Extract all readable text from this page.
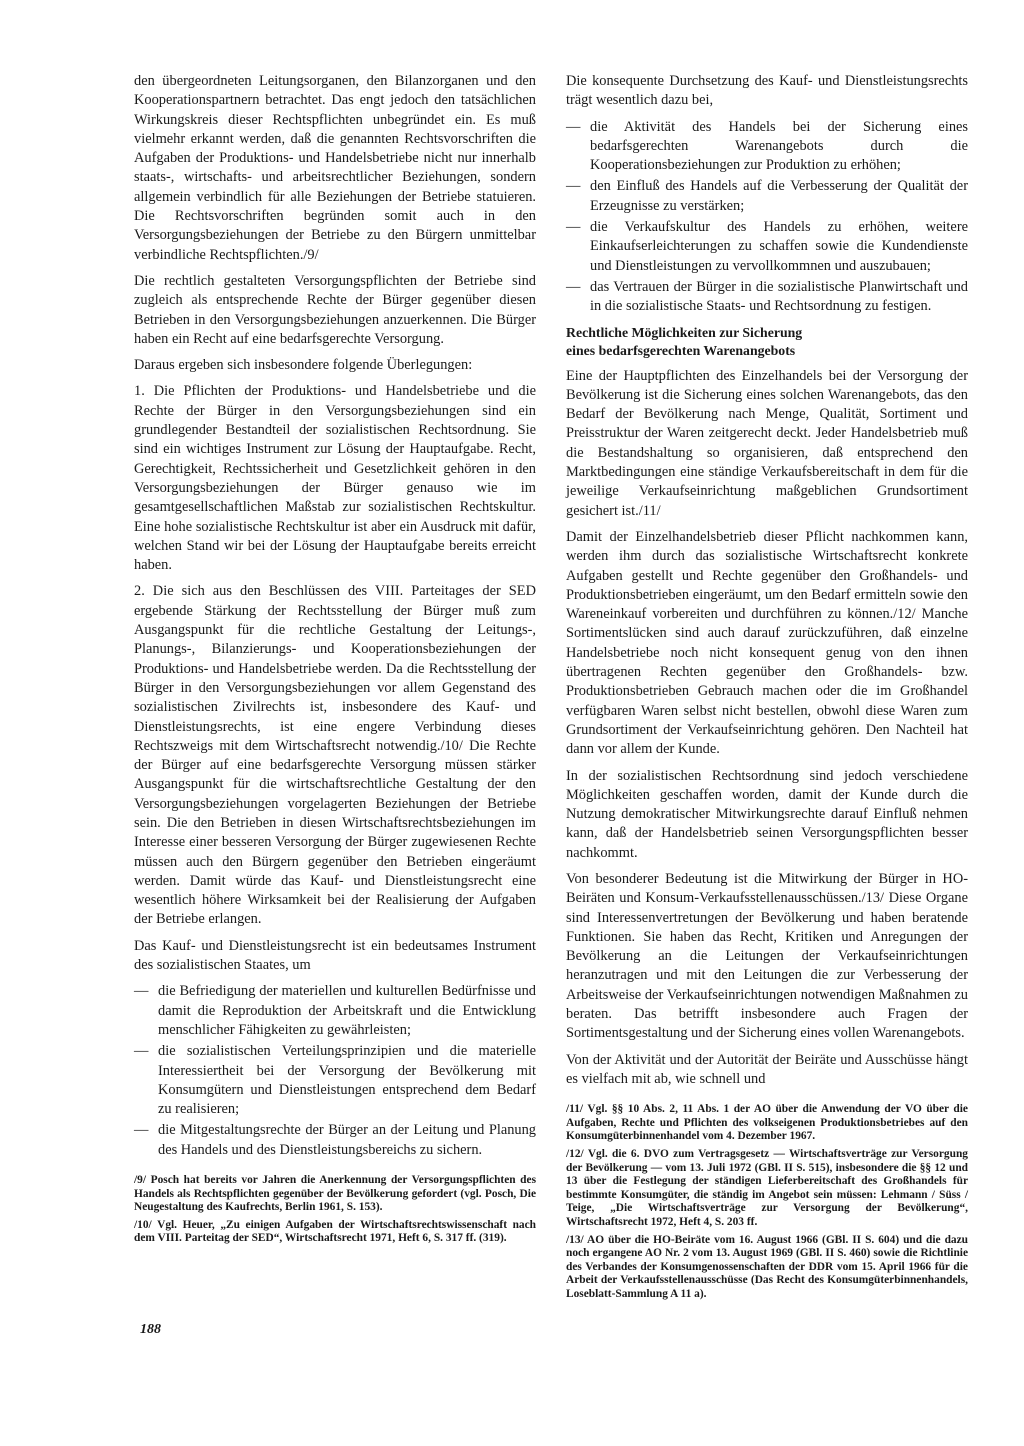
den übergeordneten Leitungsorganen, den Bilanzorganen und den Kooperationspartnern betrachtet. Das engt jedoch den tatsächlichen Wirkungskreis dieser Rechtspflichten unbegründet ein. Es muß vielmehr erkannt werden, daß die genannten Rechtsvorschriften die Aufgaben der Produktions- und Handelsbetriebe nicht nur innerhalb staats-, wirtschafts- und arbeitsrechtlicher Beziehungen, sondern allgemein verbindlich für alle Beziehungen der Betriebe statuieren. Die Rechtsvorschriften begründen somit auch in den Versorgungsbeziehungen der Betriebe zu den Bürgern unmittelbar verbindliche Rechtspflichten./9/

Die rechtlich gestalteten Versorgungspflichten der Betriebe sind zugleich als entsprechende Rechte der Bürger gegenüber diesen Betrieben in den Versorgungsbeziehungen anzuerkennen. Die Bürger haben ein Recht auf eine bedarfsgerechte Versorgung.

Daraus ergeben sich insbesondere folgende Überlegungen:

1. Die Pflichten der Produktions- und Handelsbetriebe und die Rechte der Bürger in den Versorgungsbeziehungen sind ein grundlegender Bestandteil der sozialistischen Rechtsordnung. Sie sind ein wichtiges Instrument zur Lösung der Hauptaufgabe. Recht, Gerechtigkeit, Rechtssicherheit und Gesetzlichkeit gehören in den Versorgungsbeziehungen der Bürger genauso wie im gesamtgesellschaftlichen Maßstab zur sozialistischen Rechtskultur. Eine hohe sozialistische Rechtskultur ist aber ein Ausdruck mit dafür, welchen Stand wir bei der Lösung der Hauptaufgabe bereits erreicht haben.

2. Die sich aus den Beschlüssen des VIII. Parteitages der SED ergebende Stärkung der Rechtsstellung der Bürger muß zum Ausgangspunkt für die rechtliche Gestaltung der Leitungs-, Planungs-, Bilanzierungs- und Kooperationsbeziehungen der Produktions- und Handelsbetriebe werden. Da die Rechtsstellung der Bürger in den Versorgungsbeziehungen vor allem Gegenstand des sozialistischen Zivilrechts ist, insbesondere des Kauf- und Dienstleistungsrechts, ist eine engere Verbindung dieses Rechtszweigs mit dem Wirtschaftsrecht notwendig./10/ Die Rechte der Bürger auf eine bedarfsgerechte Versorgung müssen stärker Ausgangspunkt für die wirtschaftsrechtliche Gestaltung der den Versorgungsbeziehungen vorgelagerten Beziehungen der Betriebe sein. Die den Betrieben in diesen Wirtschaftsrechtsbeziehungen im Interesse einer besseren Versorgung der Bürger zugewiesenen Rechte müssen auch den Bürgern gegenüber den Betrieben eingeräumt werden. Damit würde das Kauf- und Dienstleistungsrecht eine wesentlich höhere Wirksamkeit bei der Realisierung der Aufgaben der Betriebe erlangen.

Das Kauf- und Dienstleistungsrecht ist ein bedeutsames Instrument des sozialistischen Staates, um

— die Befriedigung der materiellen und kulturellen Bedürfnisse und damit die Reproduktion der Arbeitskraft und die Entwicklung menschlicher Fähigkeiten zu gewährleisten;
— die sozialistischen Verteilungsprinzipien und die materielle Interessiertheit bei der Versorgung der Bevölkerung mit Konsumgütern und Dienstleistungen entsprechend dem Bedarf zu realisieren;
— die Mitgestaltungsrechte der Bürger an der Leitung und Planung des Handels und des Dienstleistungsbereichs zu sichern.

/9/ Posch hat bereits vor Jahren die Anerkennung der Versorgungspflichten des Handels als Rechtspflichten gegenüber der Bevölkerung gefordert (vgl. Posch, Die Neugestaltung des Kaufrechts, Berlin 1961, S. 153).

/10/ Vgl. Heuer, „Zu einigen Aufgaben der Wirtschaftsrechtswissenschaft nach dem VIII. Parteitag der SED“, Wirtschaftsrecht 1971, Heft 6, S. 317 ff. (319).

Die konsequente Durchsetzung des Kauf- und Dienstleistungsrechts trägt wesentlich dazu bei,

— die Aktivität des Handels bei der Sicherung eines bedarfsgerechten Warenangebots durch die Kooperationsbeziehungen zur Produktion zu erhöhen;
— den Einfluß des Handels auf die Verbesserung der Qualität der Erzeugnisse zu verstärken;
— die Verkaufskultur des Handels zu erhöhen, weitere Einkaufserleichterungen zu schaffen sowie die Kundendienste und Dienstleistungen zu vervollkommnen und auszubauen;
— das Vertrauen der Bürger in die sozialistische Planwirtschaft und in die sozialistische Staats- und Rechtsordnung zu festigen.
Rechtliche Möglichkeiten zur Sicherung
eines bedarfsgerechten Warenangebots

Eine der Hauptpflichten des Einzelhandels bei der Versorgung der Bevölkerung ist die Sicherung eines solchen Warenangebots, das den Bedarf der Bevölkerung nach Menge, Qualität, Sortiment und Preisstruktur der Waren zeitgerecht deckt. Jeder Handelsbetrieb muß die Bestandshaltung so organisieren, daß entsprechend den Marktbedingungen eine ständige Verkaufsbereitschaft in dem für die jeweilige Verkaufseinrichtung maßgeblichen Grundsortiment gesichert ist./11/

Damit der Einzelhandelsbetrieb dieser Pflicht nachkommen kann, werden ihm durch das sozialistische Wirtschaftsrecht konkrete Aufgaben gestellt und Rechte gegenüber den Großhandels- und Produktionsbetrieben eingeräumt, um den Bedarf ermitteln sowie den Wareneinkauf vorbereiten und durchführen zu können./12/ Manche Sortimentslücken sind auch darauf zurückzuführen, daß einzelne Handelsbetriebe noch nicht konsequent genug von den ihnen übertragenen Rechten gegenüber den Großhandels- bzw. Produktionsbetrieben Gebrauch machen oder die im Großhandel verfügbaren Waren selbst nicht bestellen, obwohl diese Waren zum Grundsortiment der Verkaufseinrichtung gehören. Den Nachteil hat dann vor allem der Kunde.

In der sozialistischen Rechtsordnung sind jedoch verschiedene Möglichkeiten geschaffen worden, damit der Kunde durch die Nutzung demokratischer Mitwirkungsrechte darauf Einfluß nehmen kann, daß der Handelsbetrieb seinen Versorgungspflichten besser nachkommt.

Von besonderer Bedeutung ist die Mitwirkung der Bürger in HO-Beiräten und Konsum-Verkaufsstellenausschüssen./13/ Diese Organe sind Interessenvertretungen der Bevölkerung und haben beratende Funktionen. Sie haben das Recht, Kritiken und Anregungen der Bevölkerung an die Leitungen der Verkaufseinrichtungen heranzutragen und mit den Leitungen die zur Verbesserung der Arbeitsweise der Verkaufseinrichtungen notwendigen Maßnahmen zu beraten. Das betrifft insbesondere auch Fragen der Sortimentsgestaltung und der Sicherung eines vollen Warenangebots.

Von der Aktivität und der Autorität der Beiräte und Ausschüsse hängt es vielfach mit ab, wie schnell und

/11/ Vgl. §§ 10 Abs. 2, 11 Abs. 1 der AO über die Anwendung der VO über die Aufgaben, Rechte und Pflichten des volkseigenen Produktionsbetriebes auf den Konsumgüterbinnenhandel vom 4. Dezember 1967.

/12/ Vgl. die 6. DVO zum Vertragsgesetz — Wirtschaftsverträge zur Versorgung der Bevölkerung — vom 13. Juli 1972 (GBl. II S. 515), insbesondere die §§ 12 und 13 über die Festlegung der ständigen Lieferbereitschaft des Großhandels für bestimmte Konsumgüter, die ständig im Angebot sein müssen: Lehmann / Süss / Teige, „Die Wirtschaftsverträge zur Versorgung der Bevölkerung“, Wirtschaftsrecht 1972, Heft 4, S. 203 ff.

/13/ AO über die HO-Beiräte vom 16. August 1966 (GBl. II S. 604) und die dazu noch ergangene AO Nr. 2 vom 13. August 1969 (GBl. II S. 460) sowie die Richtlinie des Verbandes der Konsumgenossenschaften der DDR vom 15. April 1966 für die Arbeit der Verkaufsstellenausschüsse (Das Recht des Konsumgüterbinnenhandels, Loseblatt-Sammlung A 11 a).

188
